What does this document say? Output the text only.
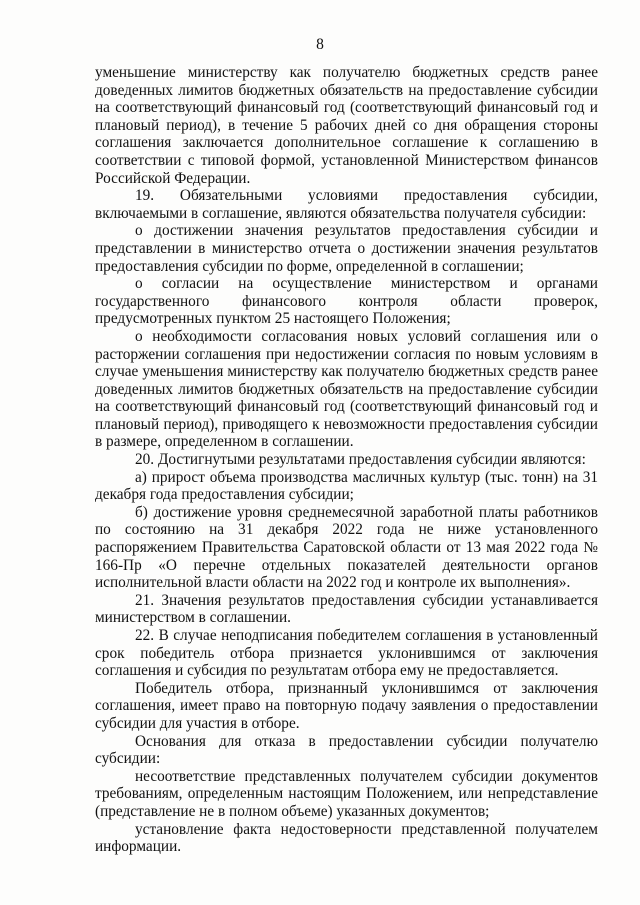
8

уменьшение министерству как получателю бюджетных средств ранее доведенных лимитов бюджетных обязательств на предоставление субсидии на соответствующий финансовый год (соответствующий финансовый год и плановый период), в течение 5 рабочих дней со дня обращения стороны соглашения заключается дополнительное соглашение к соглашению в соответствии с типовой формой, установленной Министерством финансов Российской Федерации.

19. Обязательными условиями предоставления субсидии, включаемыми в соглашение, являются обязательства получателя субсидии:

о достижении значения результатов предоставления субсидии и представлении в министерство отчета о достижении значения результатов предоставления субсидии по форме, определенной в соглашении;

о согласии на осуществление министерством и органами государственного финансового контроля области проверок, предусмотренных пунктом 25 настоящего Положения;

о необходимости согласования новых условий соглашения или о расторжении соглашения при недостижении согласия по новым условиям в случае уменьшения министерству как получателю бюджетных средств ранее доведенных лимитов бюджетных обязательств на предоставление субсидии на соответствующий финансовый год (соответствующий финансовый год и плановый период), приводящего к невозможности предоставления субсидии в размере, определенном в соглашении.

20. Достигнутыми результатами предоставления субсидии являются:

а) прирост объема производства масличных культур (тыс. тонн) на 31 декабря года предоставления субсидии;

б) достижение уровня среднемесячной заработной платы работников по состоянию на 31 декабря 2022 года не ниже установленного распоряжением Правительства Саратовской области от 13 мая 2022 года № 166-Пр «О перечне отдельных показателей деятельности органов исполнительной власти области на 2022 год и контроле их выполнения».

21. Значения результатов предоставления субсидии устанавливается министерством в соглашении.

22. В случае неподписания победителем соглашения в установленный срок победитель отбора признается уклонившимся от заключения соглашения и субсидия по результатам отбора ему не предоставляется.

Победитель отбора, признанный уклонившимся от заключения соглашения, имеет право на повторную подачу заявления о предоставлении субсидии для участия в отборе.

Основания для отказа в предоставлении субсидии получателю субсидии:

несоответствие представленных получателем субсидии документов требованиям, определенным настоящим Положением, или непредставление (представление не в полном объеме) указанных документов;

установление факта недостоверности представленной получателем информации.
